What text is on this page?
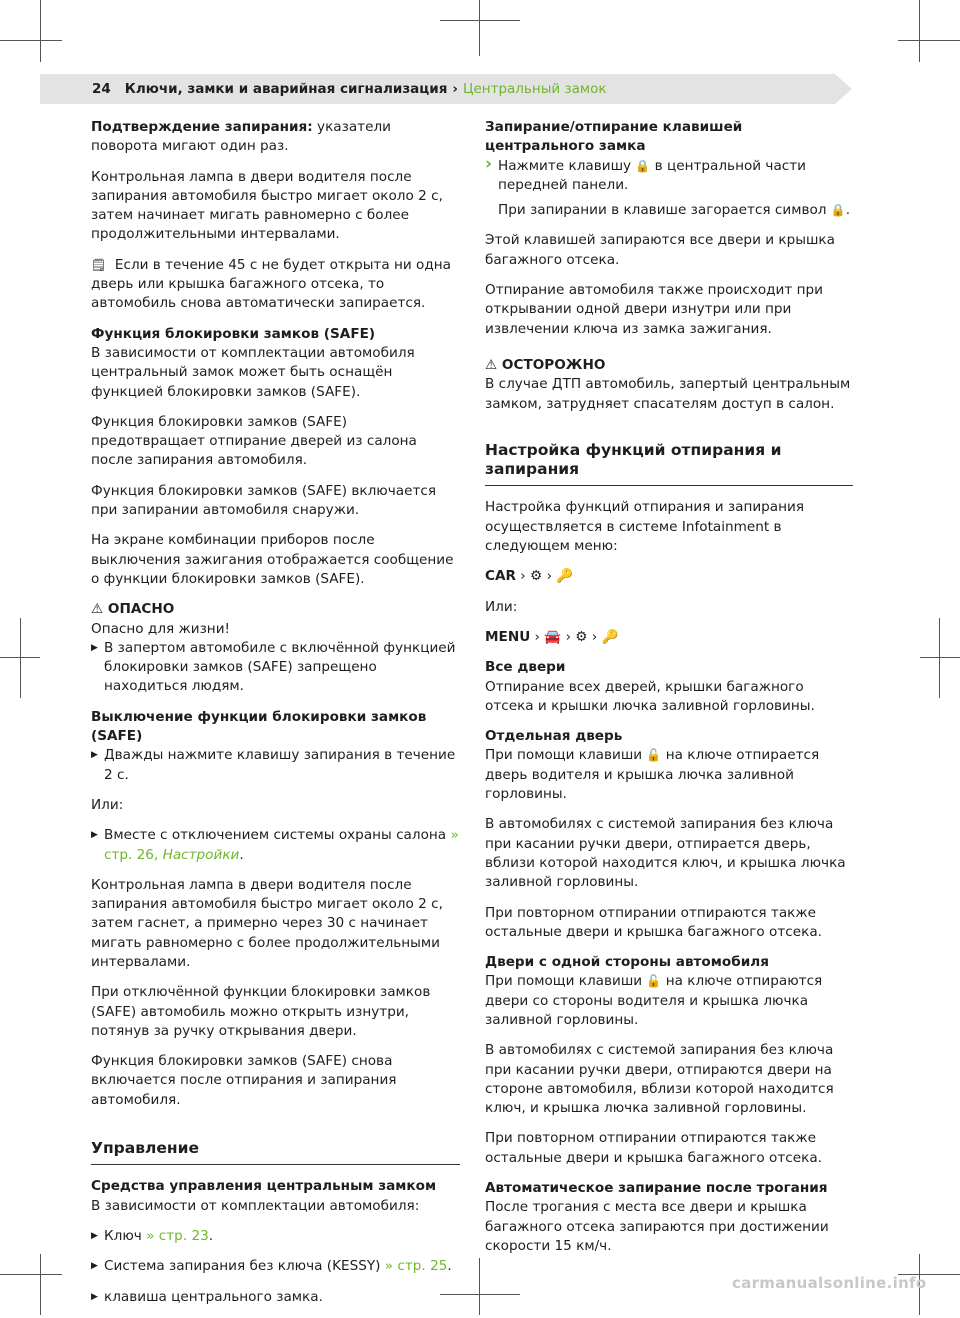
24 Ключи, замки и аварийная сигнализация › Центральный замок

Подтверждение запирания: указатели поворота мигают один раз.

Контрольная лампа в двери водителя после запирания автомобиля быстро мигает около 2 с, затем начинает мигать равномерно с более продолжительными интервалами.

🗒 Если в течение 45 с не будет открыта ни одна дверь или крышка багажного отсека, то автомобиль снова автоматически запирается.

Функция блокировки замков (SAFE)

В зависимости от комплектации автомобиля центральный замок может быть оснащён функцией блокировки замков (SAFE).

Функция блокировки замков (SAFE) предотвращает отпирание дверей из салона после запирания автомобиля.

Функция блокировки замков (SAFE) включается при запирании автомобиля снаружи.

На экране комбинации приборов после выключения зажигания отображается сообщение о функции блокировки замков (SAFE).

⚠ ОПАСНО
Опасно для жизни!
▶ В запертом автомобиле с включённой функцией блокировки замков (SAFE) запрещено находиться людям.
Выключение функции блокировки замков (SAFE)
▶ Дважды нажмите клавишу запирания в течение 2 с.

Или:

▶ Вместе с отключением системы охраны салона » стр. 26, Настройки.

Контрольная лампа в двери водителя после запирания автомобиля быстро мигает около 2 с, затем гаснет, а примерно через 30 с начинает мигать равномерно с более продолжительными интервалами.

При отключённой функции блокировки замков (SAFE) автомобиль можно открыть изнутри, потянув за ручку открывания двери.

Функция блокировки замков (SAFE) снова включается после отпирания и запирания автомобиля.

Управление
Средства управления центральным замком

В зависимости от комплектации автомобиля:

▶ Ключ » стр. 23.
▶ Система запирания без ключа (KESSY) » стр. 25.
▶ клавиша центрального замка.
Запирание/отпирание клавишей центрального замка
› Нажмите клавишу 🔒 в центральной части передней панели.

При запирании в клавише загорается символ 🔒.

Этой клавишей запираются все двери и крышка багажного отсека.

Отпирание автомобиля также происходит при открывании одной двери изнутри или при извлечении ключа из замка зажигания.

⚠ ОСТОРОЖНО

В случае ДТП автомобиль, запертый центральным замком, затрудняет спасателям доступ в салон.

Настройка функций отпирания и запирания

Настройка функций отпирания и запирания осуществляется в системе Infotainment в следующем меню:

CAR › ⚙ › 🔑

Или:

MENU › 🚘 › ⚙ › 🔑

Все двери

Отпирание всех дверей, крышки багажного отсека и крышки лючка заливной горловины.

Отдельная дверь

При помощи клавиши 🔓 на ключе отпирается дверь водителя и крышка лючка заливной горловины.

В автомобилях с системой запирания без ключа при касании ручки двери, отпирается дверь, вблизи которой находится ключ, и крышка лючка заливной горловины.

При повторном отпирании отпираются также остальные двери и крышка багажного отсека.

Двери с одной стороны автомобиля

При помощи клавиши 🔓 на ключе отпираются двери со стороны водителя и крышка лючка заливной горловины.

В автомобилях с системой запирания без ключа при касании ручки двери, отпираются двери на стороне автомобиля, вблизи которой находится ключ, и крышка лючка заливной горловины.

При повторном отпирании отпираются также остальные двери и крышка багажного отсека.

Автоматическое запирание после трогания

После трогания с места все двери и крышка багажного отсека запираются при достижении скорости 15 км/ч.

carmanualsonline.info
